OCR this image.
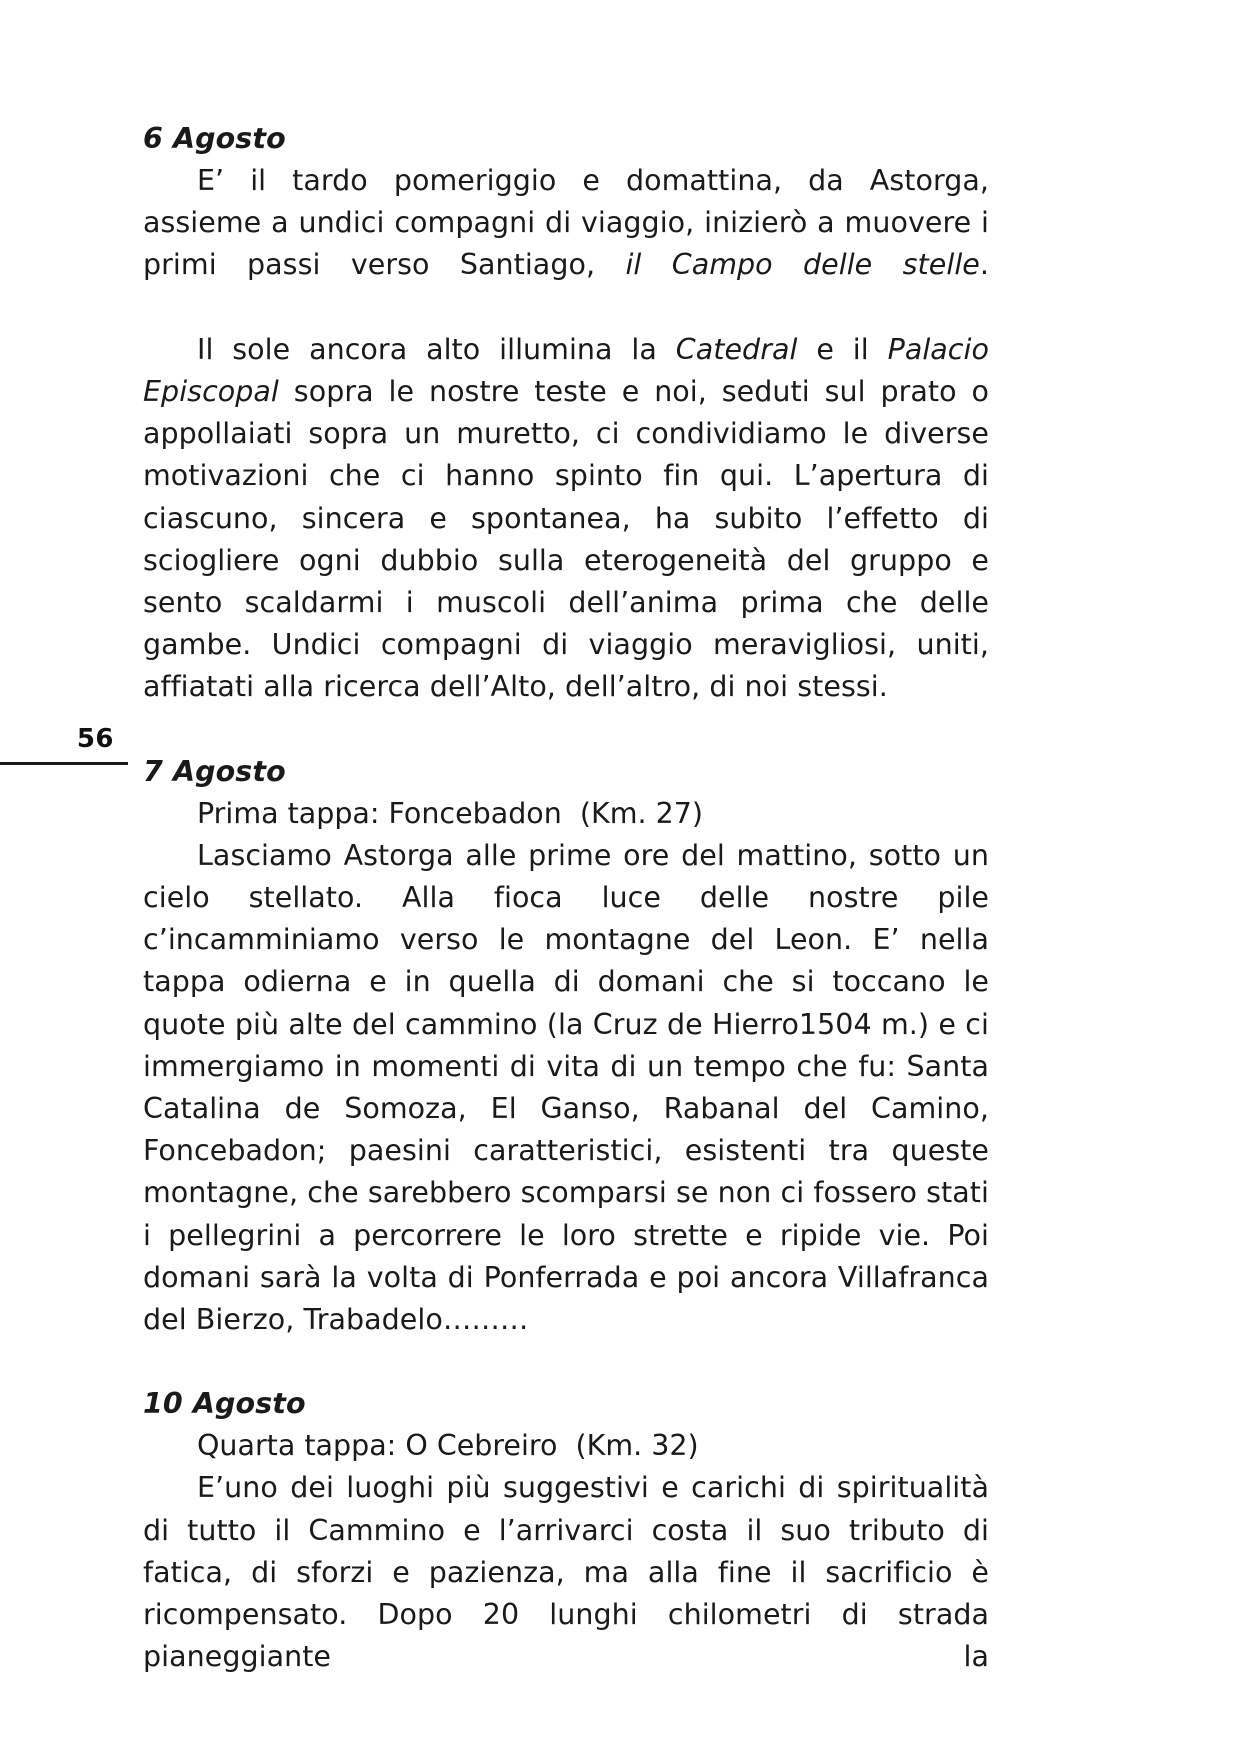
56
6 Agosto

E’ il tardo pomeriggio e domattina, da Astorga, assieme a undici compagni di viaggio, inizierò a muovere i primi passi verso Santiago, il Campo delle stelle.

Il sole ancora alto illumina la Catedral e il Palacio Episcopal sopra le nostre teste e noi, seduti sul prato o appollaiati sopra un muretto, ci condividiamo le diverse motivazioni che ci hanno spinto fin qui. L’apertura di ciascuno, sincera e spontanea, ha subito l’effetto di sciogliere ogni dubbio sulla eterogeneità del gruppo e sento scaldarmi i muscoli dell’anima prima che delle gambe. Undici compagni di viaggio meravigliosi, uniti, affiatati alla ricerca dell’Alto, dell’altro, di noi stessi.

7 Agosto

Prima tappa: Foncebadon  (Km. 27)

Lasciamo Astorga alle prime ore del mattino, sotto un cielo stellato. Alla fioca luce delle nostre pile c’incamminiamo verso le montagne del Leon. E’ nella tappa odierna e in quella di domani che si toccano le quote più alte del cammino (la Cruz de Hierro1504 m.) e ci immergiamo in momenti di vita di un tempo che fu: Santa Catalina de Somoza, El Ganso, Rabanal del Camino, Foncebadon; paesini caratteristici, esistenti tra queste montagne, che sarebbero scomparsi se non ci fossero stati i pellegrini a percorrere le loro strette e ripide vie. Poi domani sarà la volta di Ponferrada e poi ancora Villafranca del Bierzo, Trabadelo………

10 Agosto

Quarta tappa: O Cebreiro  (Km. 32)

E’uno dei luoghi più suggestivi e carichi di spiritualità di tutto il Cammino e l’arrivarci costa il suo tributo di fatica, di sforzi e pazienza, ma alla fine il sacrificio è ricompensato. Dopo 20 lunghi chilometri di strada pianeggiante la
